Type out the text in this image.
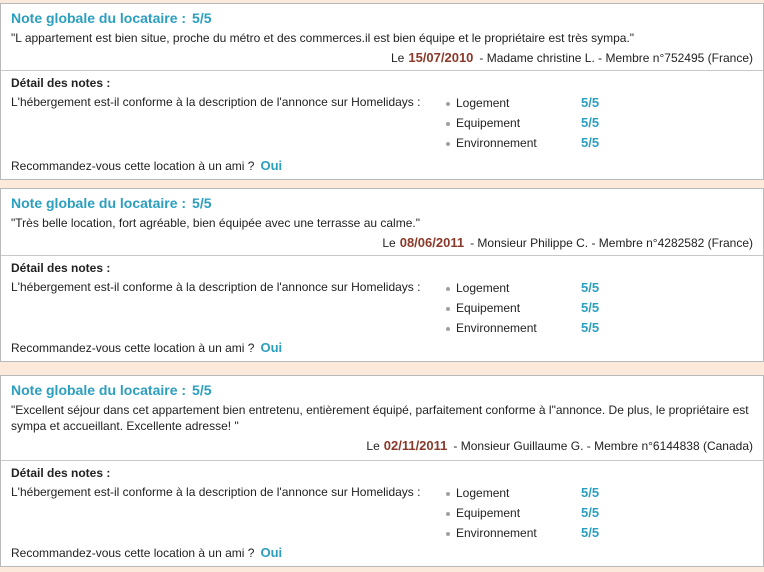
Note globale du locataire : 5/5
"L appartement est bien situe, proche du métro et des commerces.il est bien équipe et le propriétaire est très sympa."
Le 15/07/2010 - Madame christine L. - Membre n°752495 (France)
Détail des notes :
L'hébergement est-il conforme à la description de l'annonce sur Homelidays :	Logement	5/5
Equipement	5/5
Environnement	5/5
Recommandez-vous cette location à un ami ? Oui
Note globale du locataire : 5/5
"Très belle location, fort agréable, bien équipée avec une terrasse au calme."
Le 08/06/2011 - Monsieur Philippe C. - Membre n°4282582 (France)
Détail des notes :
L'hébergement est-il conforme à la description de l'annonce sur Homelidays :	Logement	5/5
Equipement	5/5
Environnement	5/5
Recommandez-vous cette location à un ami ? Oui
Note globale du locataire : 5/5
"Excellent séjour dans cet appartement bien entretenu, entièrement équipé, parfaitement conforme à l"annonce. De plus, le propriétaire est sympa et accueillant. Excellente adresse! "
Le 02/11/2011 - Monsieur Guillaume G. - Membre n°6144838 (Canada)
Détail des notes :
L'hébergement est-il conforme à la description de l'annonce sur Homelidays :	Logement	5/5
Equipement	5/5
Environnement	5/5
Recommandez-vous cette location à un ami ? Oui
